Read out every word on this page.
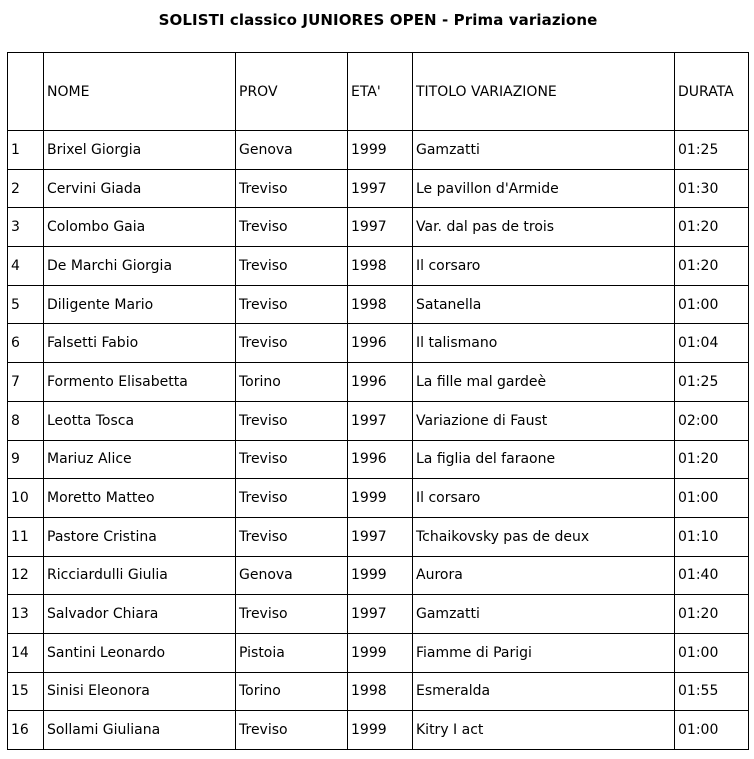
SOLISTI classico JUNIORES OPEN - Prima variazione
	NOME	PROV	ETA'	TITOLO VARIAZIONE	DURATA
1	Brixel Giorgia	Genova	1999	Gamzatti	01:25
2	Cervini Giada	Treviso	1997	Le pavillon d'Armide	01:30
3	Colombo Gaia	Treviso	1997	Var. dal pas de trois	01:20
4	De Marchi Giorgia	Treviso	1998	Il corsaro	01:20
5	Diligente Mario	Treviso	1998	Satanella	01:00
6	Falsetti Fabio	Treviso	1996	Il talismano	01:04
7	Formento Elisabetta	Torino	1996	La fille mal gardeè	01:25
8	Leotta Tosca	Treviso	1997	Variazione di Faust	02:00
9	Mariuz Alice	Treviso	1996	La figlia del faraone	01:20
10	Moretto Matteo	Treviso	1999	Il corsaro	01:00
11	Pastore Cristina	Treviso	1997	Tchaikovsky pas de deux	01:10
12	Ricciardulli Giulia	Genova	1999	Aurora	01:40
13	Salvador Chiara	Treviso	1997	Gamzatti	01:20
14	Santini Leonardo	Pistoia	1999	Fiamme di Parigi	01:00
15	Sinisi Eleonora	Torino	1998	Esmeralda	01:55
16	Sollami Giuliana	Treviso	1999	Kitry I act	01:00
